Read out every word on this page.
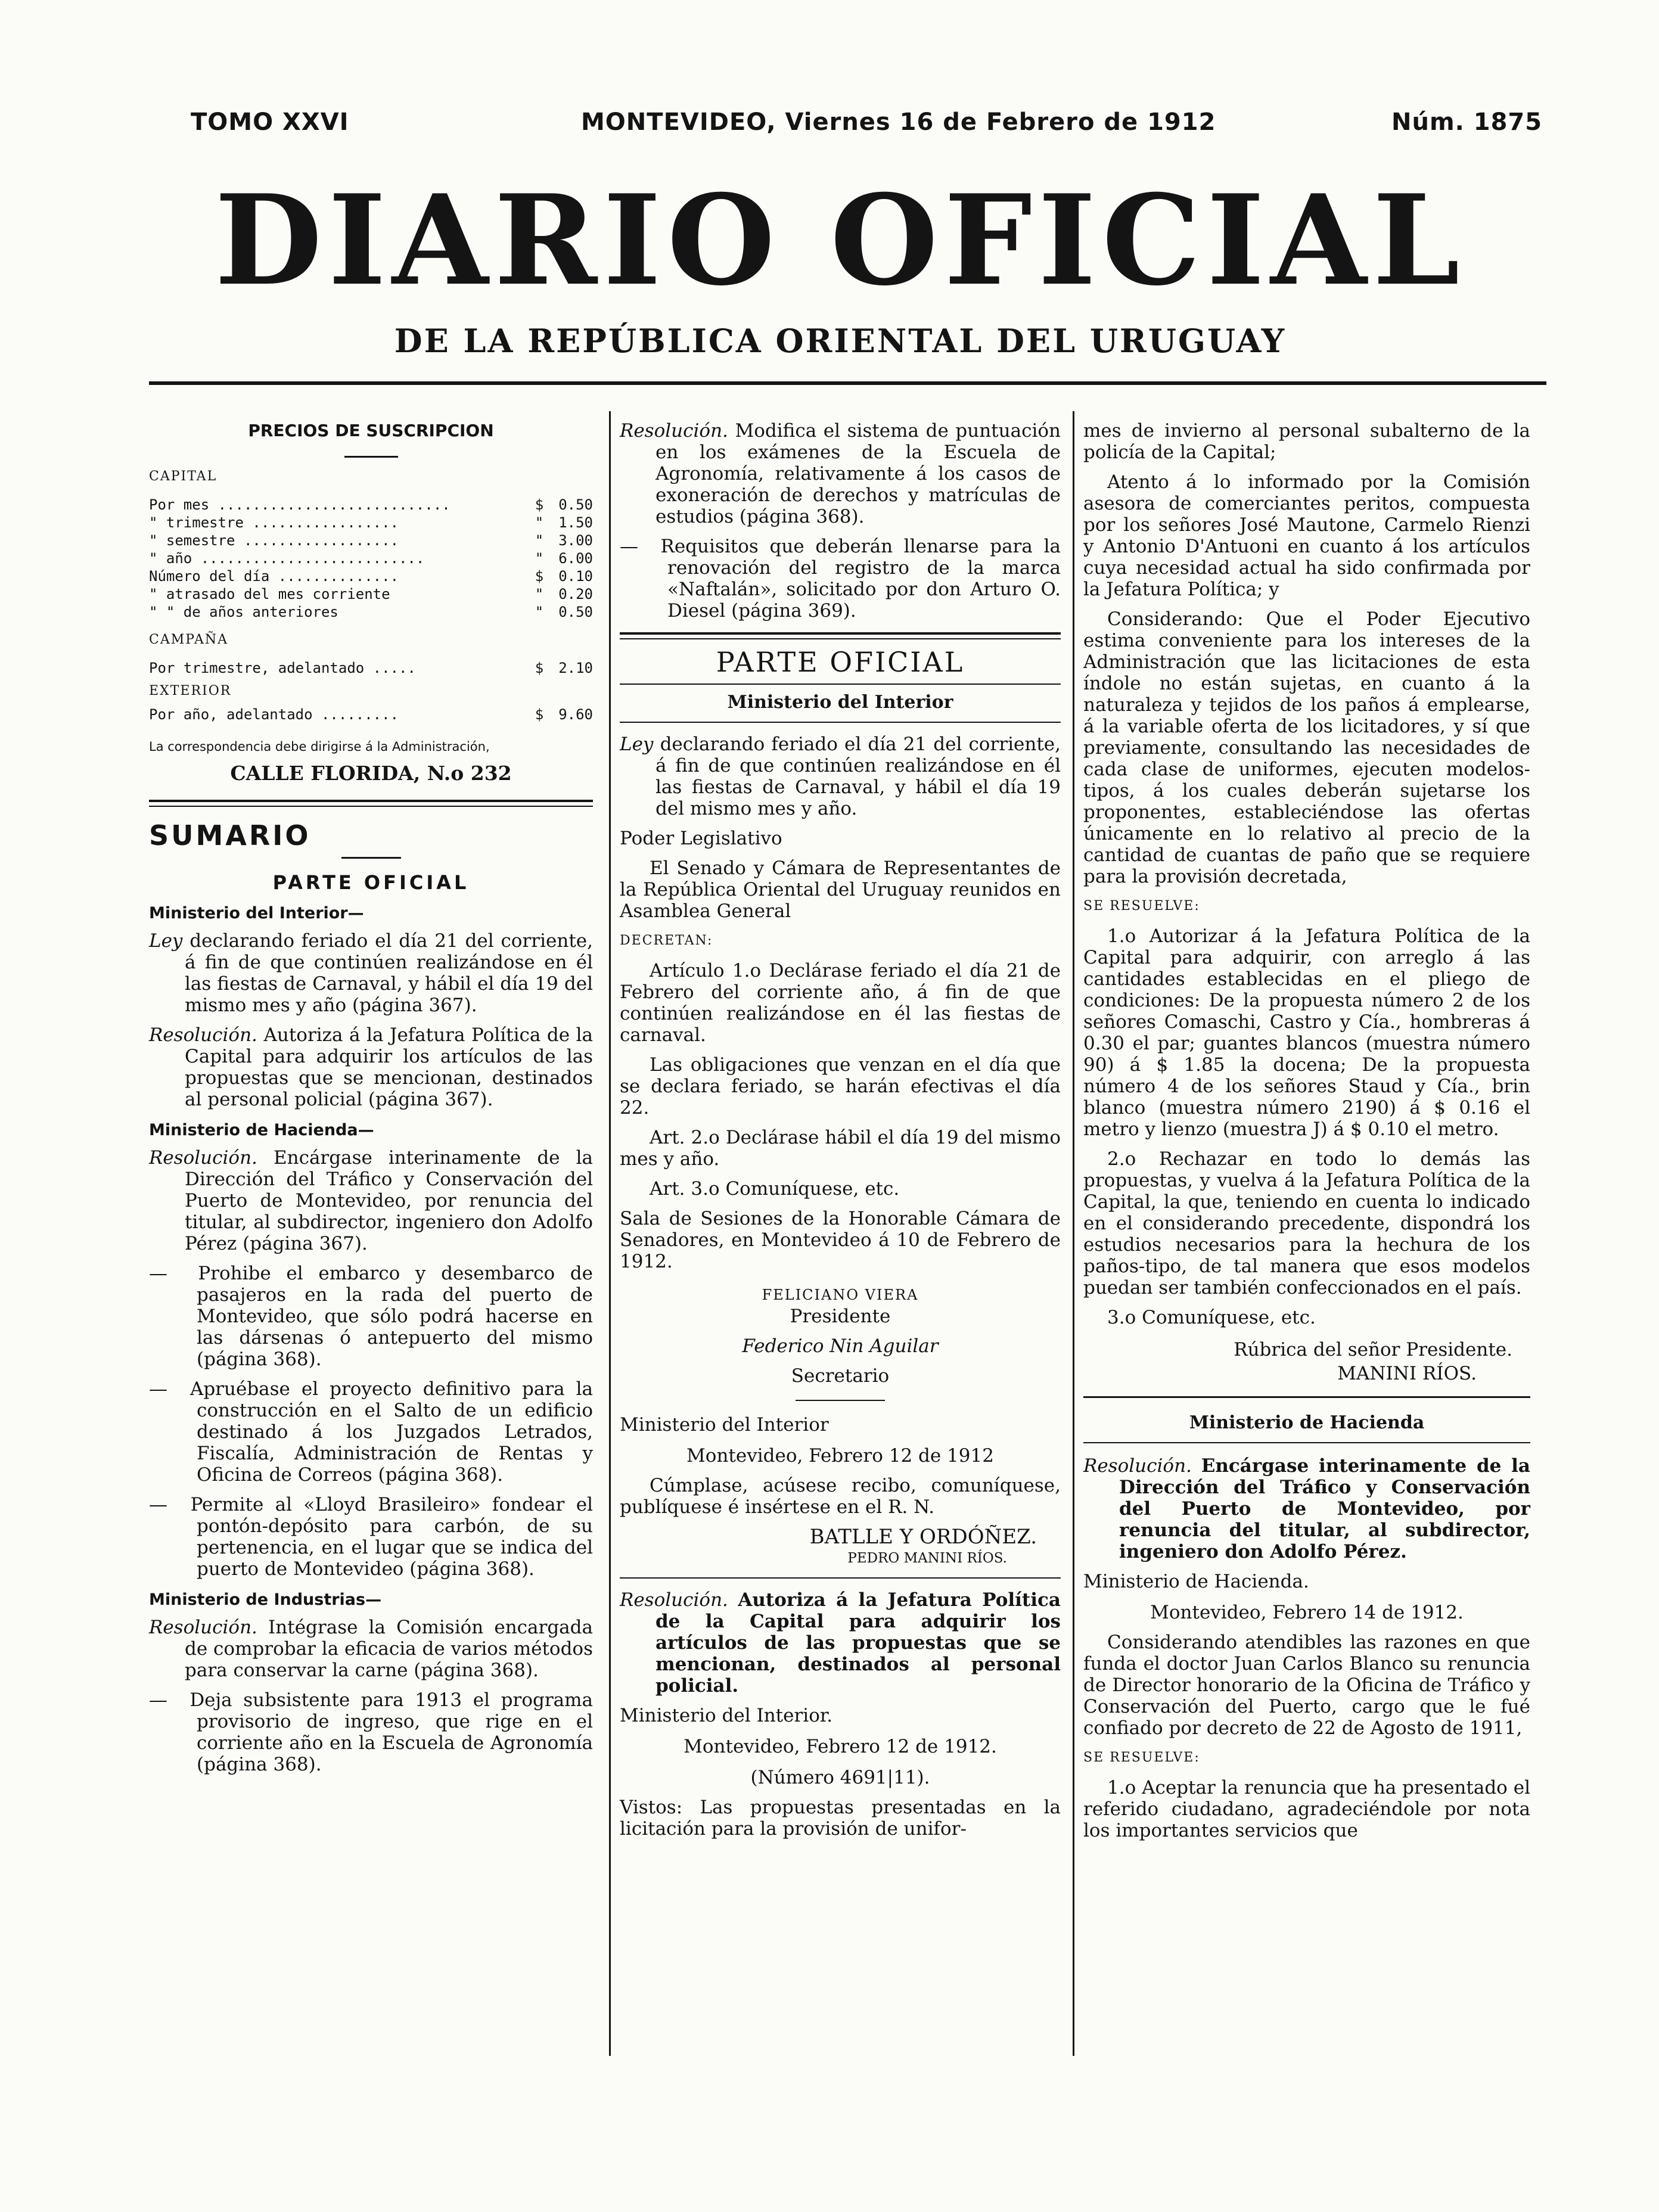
TOMO XXVI	MONTEVIDEO, Viernes 16 de Febrero de 1912	Núm. 1875
DIARIO OFICIAL
DE LA REPÚBLICA ORIENTAL DEL URUGUAY

PRECIOS DE SUSCRIPCION

CAPITAL

Por mes ...........................	$	0.50
" trimestre .................	"	1.50
" semestre ..................	"	3.00
" año ..........................	"	6.00
Número del día ..............	$	0.10
" atrasado del mes corriente	"	0.20
" " de años anteriores	"	0.50

CAMPAÑA

Por trimestre, adelantado .....	$	2.10

EXTERIOR

Por año, adelantado .........	$	9.60

La correspondencia debe dirigirse á la Administración,

CALLE FLORIDA, N.o 232

SUMARIO

PARTE OFICIAL

Ministerio del Interior—

Ley declarando feriado el día 21 del corriente, á fin de que continúen realizándose en él las fiestas de Carnaval, y hábil el día 19 del mismo mes y año (página 367).

Resolución. Autoriza á la Jefatura Política de la Capital para adquirir los artículos de las propuestas que se mencionan, destinados al personal policial (página 367).

Ministerio de Hacienda—

Resolución. Encárgase interinamente de la Dirección del Tráfico y Conservación del Puerto de Montevideo, por renuncia del titular, al subdirector, ingeniero don Adolfo Pérez (página 367).

—  Prohibe el embarco y desembarco de pasajeros en la rada del puerto de Montevideo, que sólo podrá hacerse en las dársenas ó antepuerto del mismo (página 368).

—  Apruébase el proyecto definitivo para la construcción en el Salto de un edificio destinado á los Juzgados Letrados, Fiscalía, Administración de Rentas y Oficina de Correos (página 368).

—  Permite al «Lloyd Brasileiro» fondear el pontón-depósito para carbón, de su pertenencia, en el lugar que se indica del puerto de Montevideo (página 368).

Ministerio de Industrias—

Resolución. Intégrase la Comisión encargada de comprobar la eficacia de varios métodos para conservar la carne (página 368).

—  Deja subsistente para 1913 el programa provisorio de ingreso, que rige en el corriente año en la Escuela de Agronomía (página 368).

Resolución. Modifica el sistema de puntuación en los exámenes de la Escuela de Agronomía, relativamente á los casos de exoneración de derechos y matrículas de estudios (página 368).

—  Requisitos que deberán llenarse para la renovación del registro de la marca «Naftalán», solicitado por don Arturo O. Diesel (página 369).

PARTE OFICIAL

Ministerio del Interior

Ley declarando feriado el día 21 del corriente, á fin de que continúen realizándose en él las fiestas de Carnaval, y hábil el día 19 del mismo mes y año.

Poder Legislativo

El Senado y Cámara de Representantes de la República Oriental del Uruguay reunidos en Asamblea General

DECRETAN:

Artículo 1.o Declárase feriado el día 21 de Febrero del corriente año, á fin de que continúen realizándose en él las fiestas de carnaval.

Las obligaciones que venzan en el día que se declara feriado, se harán efectivas el día 22.

Art. 2.o Declárase hábil el día 19 del mismo mes y año.

Art. 3.o Comuníquese, etc.

Sala de Sesiones de la Honorable Cámara de Senadores, en Montevideo á 10 de Febrero de 1912.

FELICIANO VIERA

Presidente

Federico Nin Aguilar

Secretario

Ministerio del Interior

Montevideo, Febrero 12 de 1912

Cúmplase, acúsese recibo, comuníquese, publíquese é insértese en el R. N.

BATLLE Y ORDÓÑEZ.

PEDRO MANINI RÍOS.

Resolución. Autoriza á la Jefatura Política de la Capital para adquirir los artículos de las propuestas que se mencionan, destinados al personal policial.

Ministerio del Interior.

Montevideo, Febrero 12 de 1912.

(Número 4691|11).

Vistos: Las propuestas presentadas en la licitación para la provisión de unifor-

mes de invierno al personal subalterno de la policía de la Capital;

Atento á lo informado por la Comisión asesora de comerciantes peritos, compuesta por los señores José Mautone, Carmelo Rienzi y Antonio D'Antuoni en cuanto á los artículos cuya necesidad actual ha sido confirmada por la Jefatura Política; y

Considerando: Que el Poder Ejecutivo estima conveniente para los intereses de la Administración que las licitaciones de esta índole no están sujetas, en cuanto á la naturaleza y tejidos de los paños á emplearse, á la variable oferta de los licitadores, y sí que previamente, consultando las necesidades de cada clase de uniformes, ejecuten modelos-tipos, á los cuales deberán sujetarse los proponentes, estableciéndose las ofertas únicamente en lo relativo al precio de la cantidad de cuantas de paño que se requiere para la provisión decretada,

SE RESUELVE:

1.o Autorizar á la Jefatura Política de la Capital para adquirir, con arreglo á las cantidades establecidas en el pliego de condiciones: De la propuesta número 2 de los señores Comaschi, Castro y Cía., hombreras á 0.30 el par; guantes blancos (muestra número 90) á $ 1.85 la docena; De la propuesta número 4 de los señores Staud y Cía., brin blanco (muestra número 2190) á $ 0.16 el metro y lienzo (muestra J) á $ 0.10 el metro.

2.o Rechazar en todo lo demás las propuestas, y vuelva á la Jefatura Política de la Capital, la que, teniendo en cuenta lo indicado en el considerando precedente, dispondrá los estudios necesarios para la hechura de los paños-tipo, de tal manera que esos modelos puedan ser también confeccionados en el país.

3.o Comuníquese, etc.

Rúbrica del señor Presidente.

MANINI RÍOS.

Ministerio de Hacienda

Resolución. Encárgase interinamente de la Dirección del Tráfico y Conservación del Puerto de Montevideo, por renuncia del titular, al subdirector, ingeniero don Adolfo Pérez.

Ministerio de Hacienda.

Montevideo, Febrero 14 de 1912.

Considerando atendibles las razones en que funda el doctor Juan Carlos Blanco su renuncia de Director honorario de la Oficina de Tráfico y Conservación del Puerto, cargo que le fué confiado por decreto de 22 de Agosto de 1911,

SE RESUELVE:

1.o Aceptar la renuncia que ha presentado el referido ciudadano, agradeciéndole por nota los importantes servicios que
